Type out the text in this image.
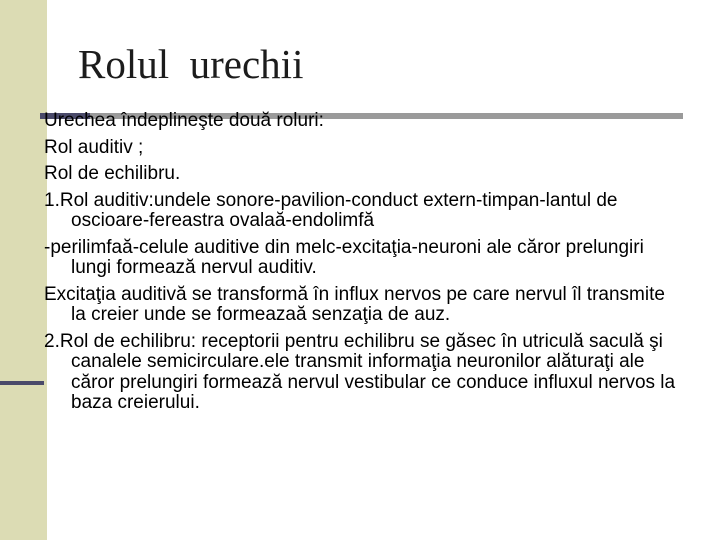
Rolul  urechii

Urechea îndeplineşte două roluri:

Rol auditiv ;

Rol de echilibru.

1.Rol auditiv:undele sonore-pavilion-conduct extern-timpan-lantul de oscioare-fereastra ovalaă-endolimfă

-perilimfaă-celule auditive din melc-excitaţia-neuroni ale căror prelungiri lungi formează nervul auditiv.

Excitaţia auditivă se transformă în influx nervos pe care nervul îl transmite la creier unde se formeazaă senzaţia de auz.

2.Rol de echilibru: receptorii pentru echilibru se găsec în utriculă saculă şi canalele semicirculare.ele transmit informaţia neuronilor alăturaţi ale căror prelungiri formează nervul vestibular ce conduce influxul nervos la baza creierului.
